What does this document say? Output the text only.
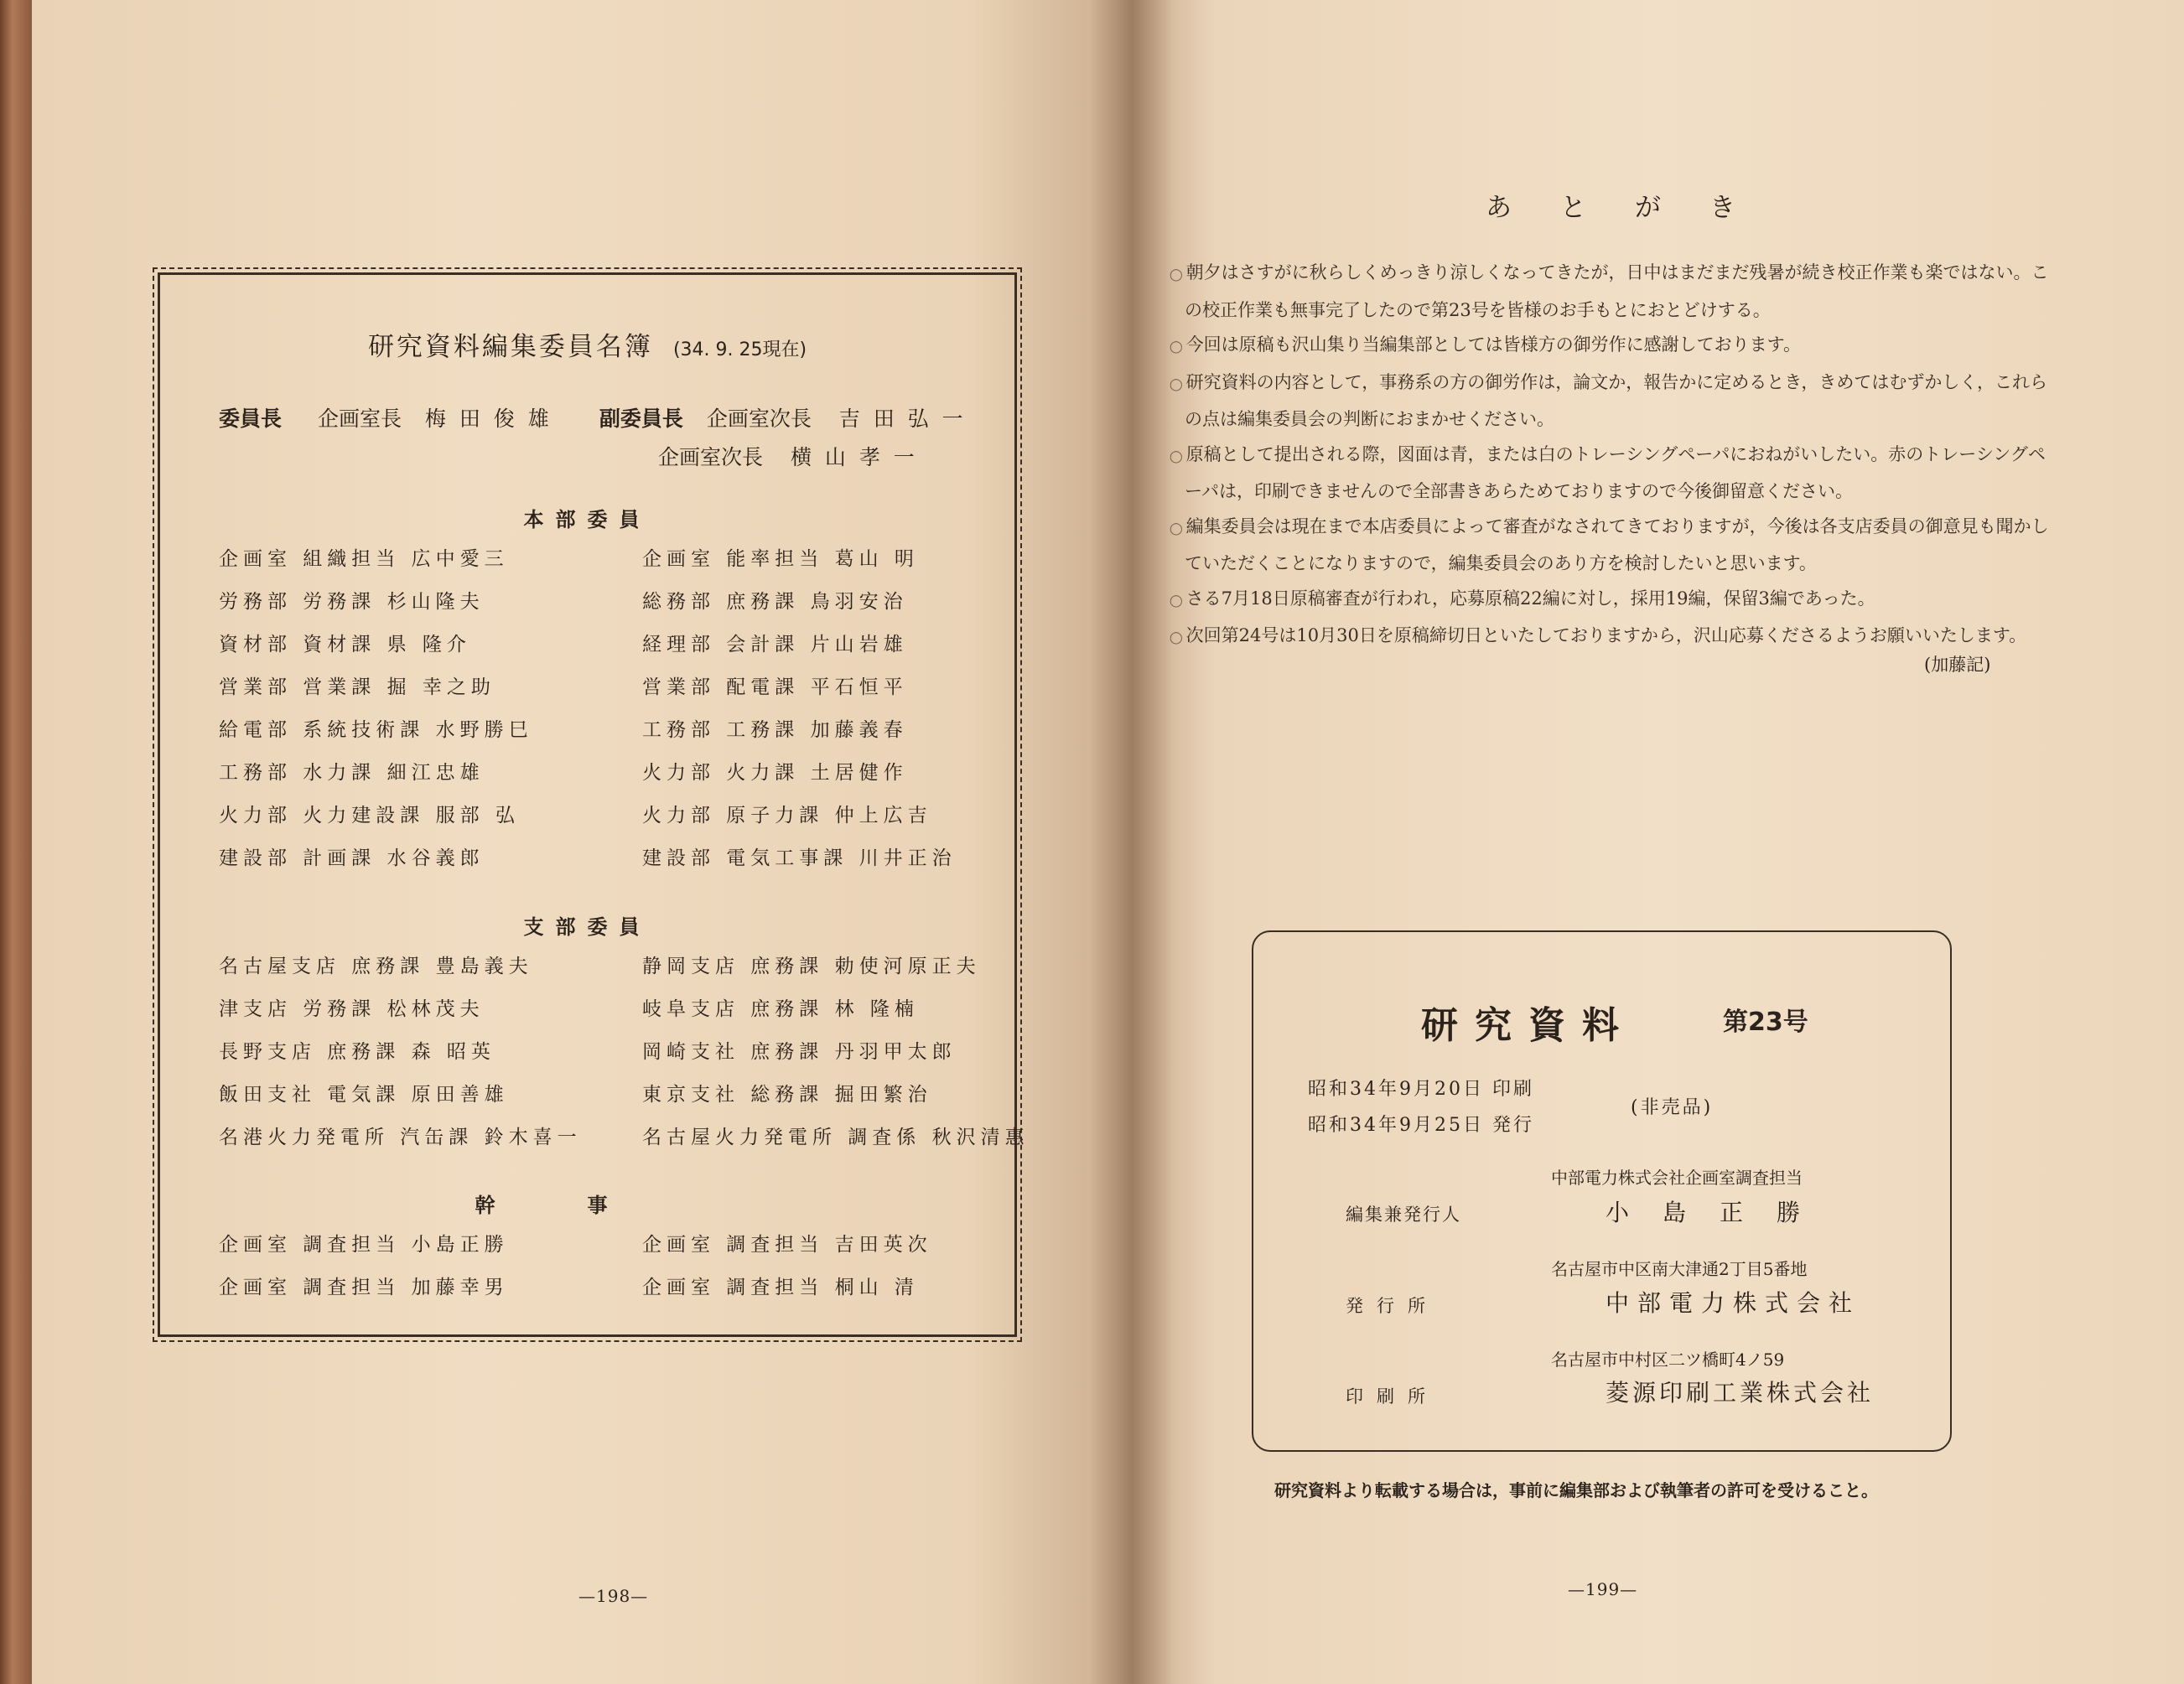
研究資料編集委員名簿 (34. 9. 25現在)
委員長 企画室長 梅 田 俊 雄 副委員長 企画室次長 吉 田 弘 一
企画室次長 横 山 孝 一
本部委員
企画室 組織担当 広中愛三	企画室 能率担当 葛山 明
労務部 労務課 杉山隆夫	総務部 庶務課 鳥羽安治
資材部 資材課 県 隆介	経理部 会計課 片山岩雄
営業部 営業課 掘 幸之助	営業部 配電課 平石恒平
給電部 系統技術課 水野勝巳	工務部 工務課 加藤義春
工務部 水力課 細江忠雄	火力部 火力課 土居健作
火力部 火力建設課 服部 弘	火力部 原子力課 仲上広吉
建設部 計画課 水谷義郎	建設部 電気工事課 川井正治
支部委員
名古屋支店 庶務課 豊島義夫	静岡支店 庶務課 勅使河原正夫
津支店 労務課 松林茂夫	岐阜支店 庶務課 林 隆楠
長野支店 庶務課 森 昭英	岡崎支社 庶務課 丹羽甲太郎
飯田支社 電気課 原田善雄	東京支社 総務課 掘田繁治
名港火力発電所 汽缶課 鈴木喜一	名古屋火力発電所 調査係 秋沢清惠
幹事
企画室 調査担当 小島正勝	企画室 調査担当 吉田英次
企画室 調査担当 加藤幸男	企画室 調査担当 桐山 清
—198—
あとがき

◯ 朝夕はさすがに秋らしくめっきり涼しくなってきたが，日中はまだまだ残暑が続き校正作業も楽ではない。この校正作業も無事完了したので第23号を皆様のお手もとにおとどけする。

◯ 今回は原稿も沢山集り当編集部としては皆様方の御労作に感謝しております。

◯ 研究資料の内容として，事務系の方の御労作は，論文か，報告かに定めるとき，きめてはむずかしく，これらの点は編集委員会の判断におまかせください。

◯ 原稿として提出される際，図面は青，または白のトレーシングペーパにおねがいしたい。赤のトレーシングペーパは，印刷できませんので全部書きあらためておりますので今後御留意ください。

◯ 編集委員会は現在まで本店委員によって審査がなされてきておりますが，今後は各支店委員の御意見も聞かしていただくことになりますので，編集委員会のあり方を検討したいと思います。

◯ さる7月18日原稿審査が行われ，応募原稿22編に対し，採用19編，保留3編であった。

◯ 次回第24号は10月30日を原稿締切日といたしておりますから，沢山応募くださるようお願いいたします。

(加藤記)
研究資料	第23号
昭和34年9月20日 印刷
昭和34年9月25日 発行
(非売品)
中部電力株式会社企画室調査担当
編集兼発行人	小島正勝
名古屋市中区南大津通2丁目5番地
発行所	中部電力株式会社
名古屋市中村区二ツ橋町4ノ59
印刷所	菱源印刷工業株式会社
研究資料より転載する場合は，事前に編集部および執筆者の許可を受けること。
—199—
